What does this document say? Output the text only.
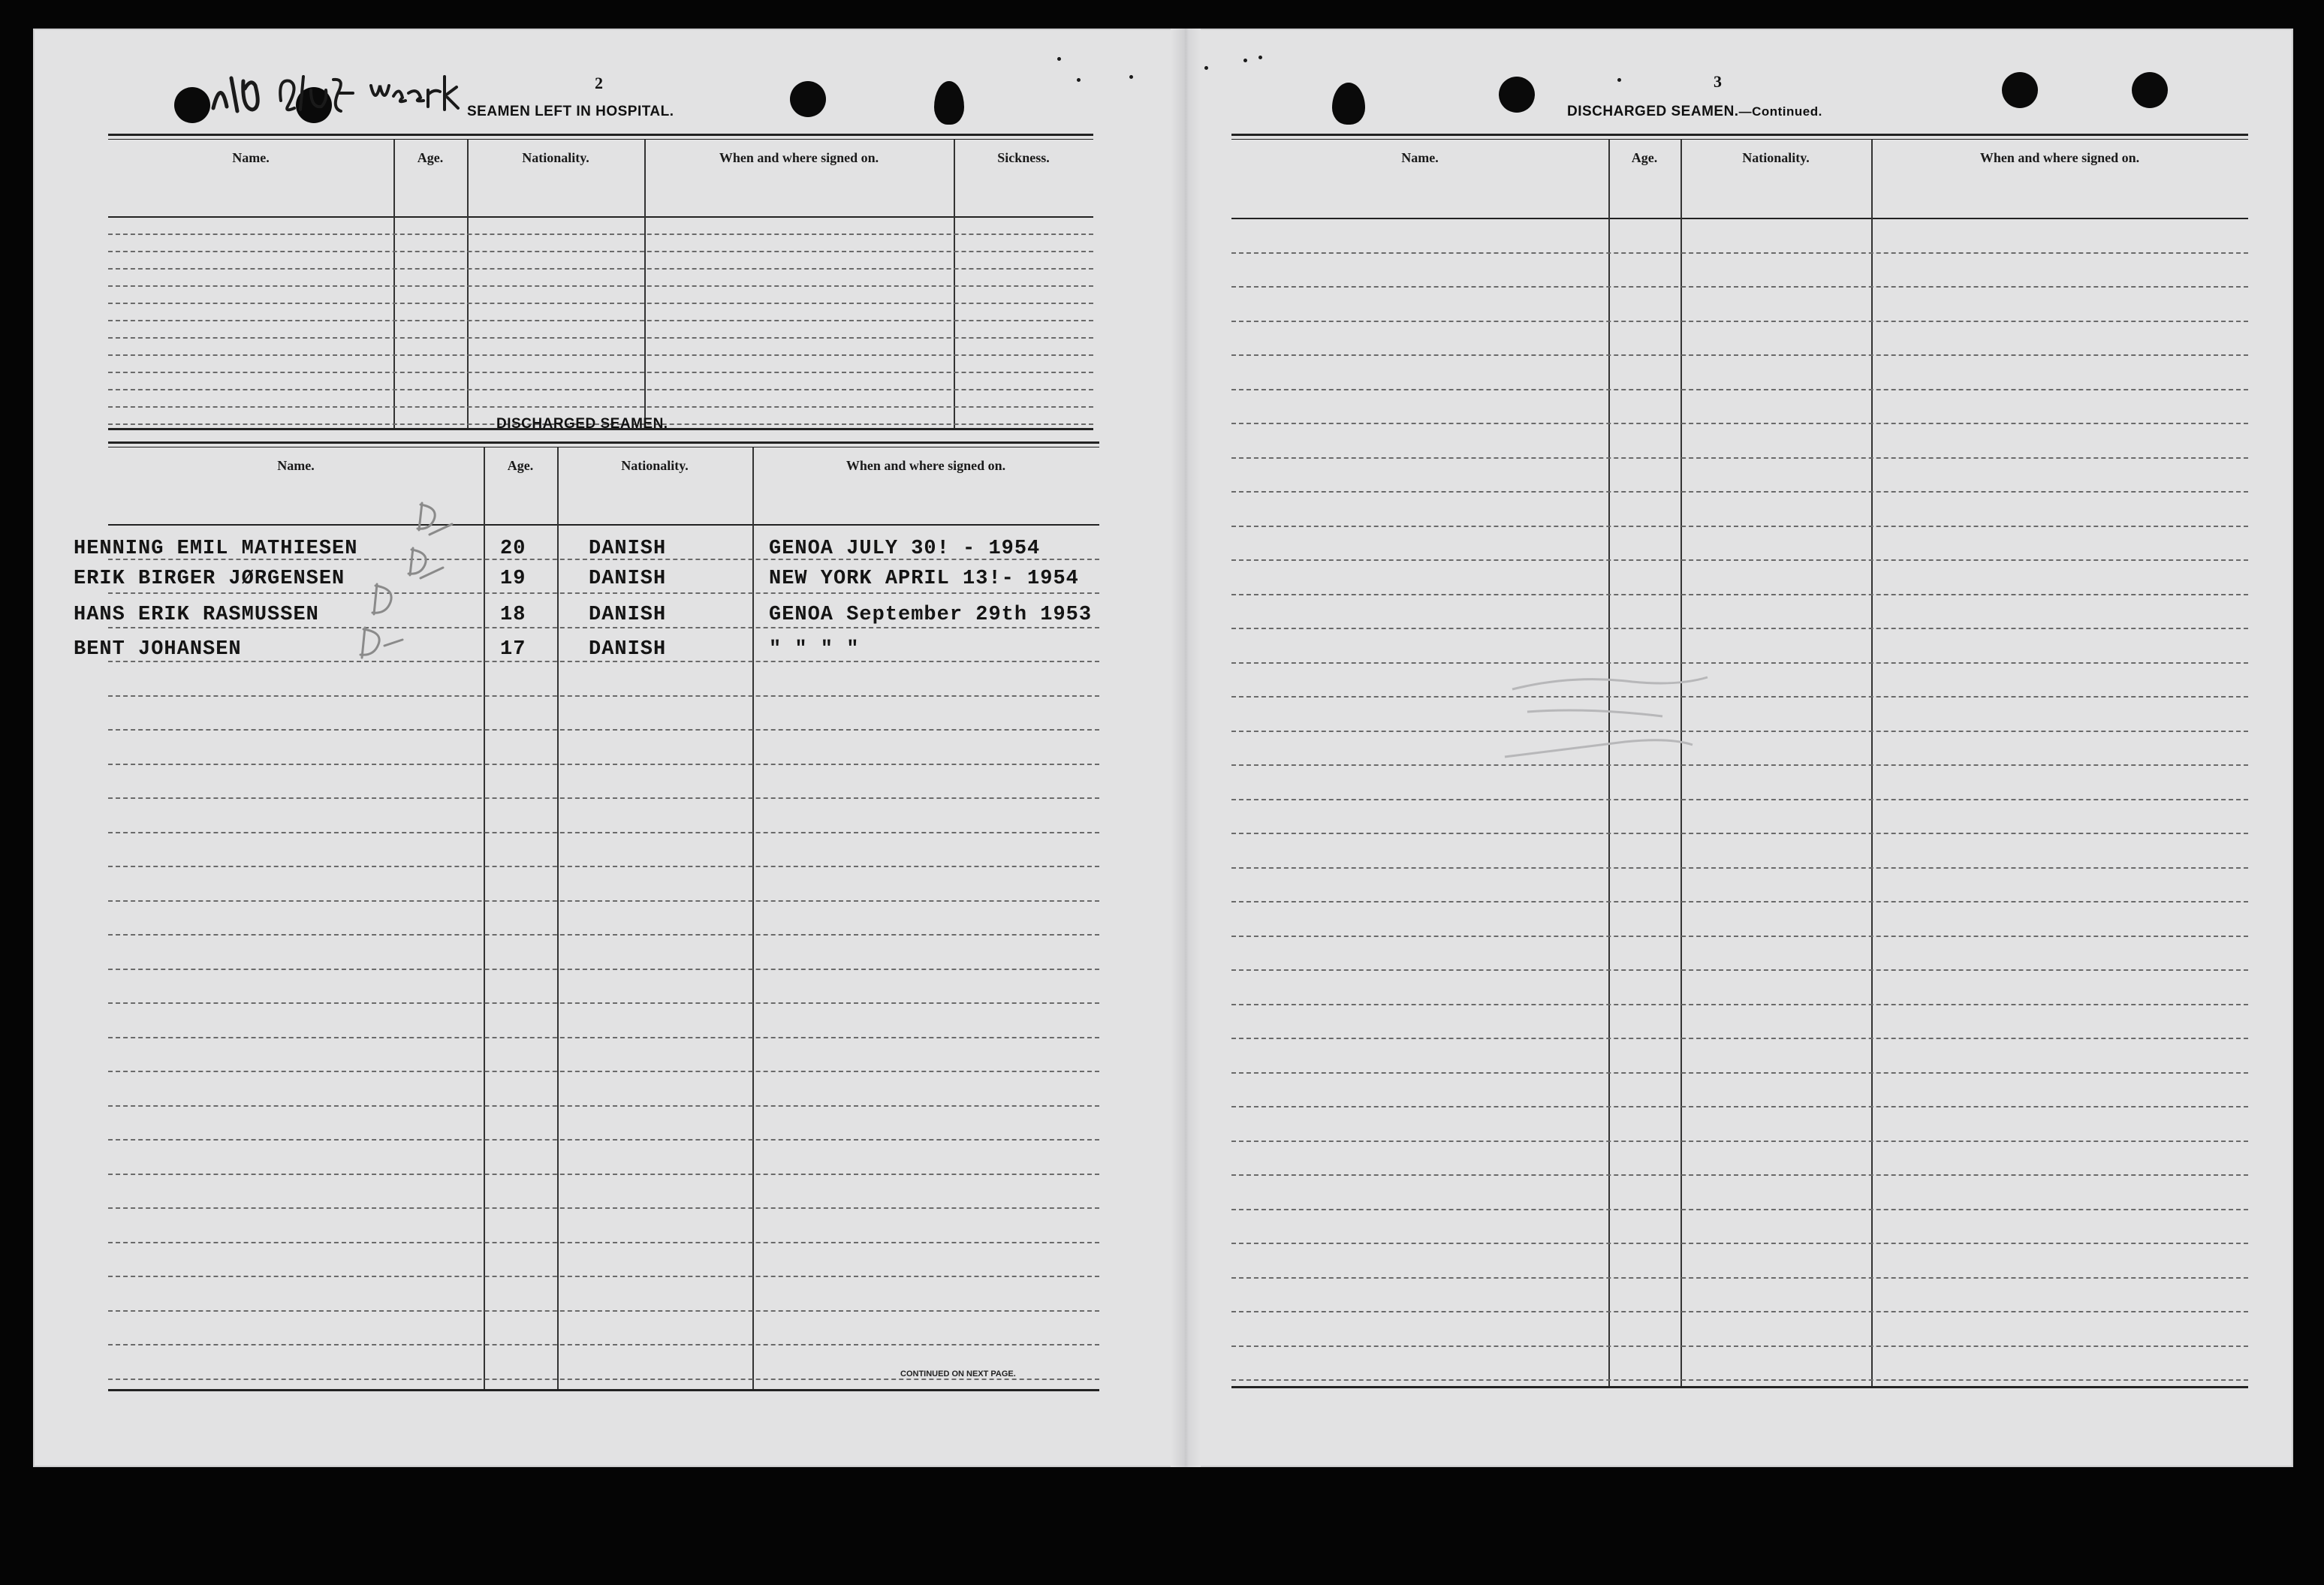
2	3
SEAMEN LEFT IN HOSPITAL.
Name.	Age.	Nationality.	When and where signed on.	Sickness.
DISCHARGED SEAMEN.
Name.	Age.	Nationality.	When and where signed on.
HENNING EMIL MATHIESEN	20	DANISH	GENOA JULY 30! - 1954
ERIK BIRGER JØRGENSEN	19	DANISH	NEW YORK APRIL 13!- 1954
HANS ERIK RASMUSSEN	18	DANISH	GENOA September 29th 1953
BENT JOHANSEN	17	DANISH	" " " "
CONTINUED ON NEXT PAGE.
DISCHARGED SEAMEN.—Continued.
Name.	Age.	Nationality.	When and where signed on.
